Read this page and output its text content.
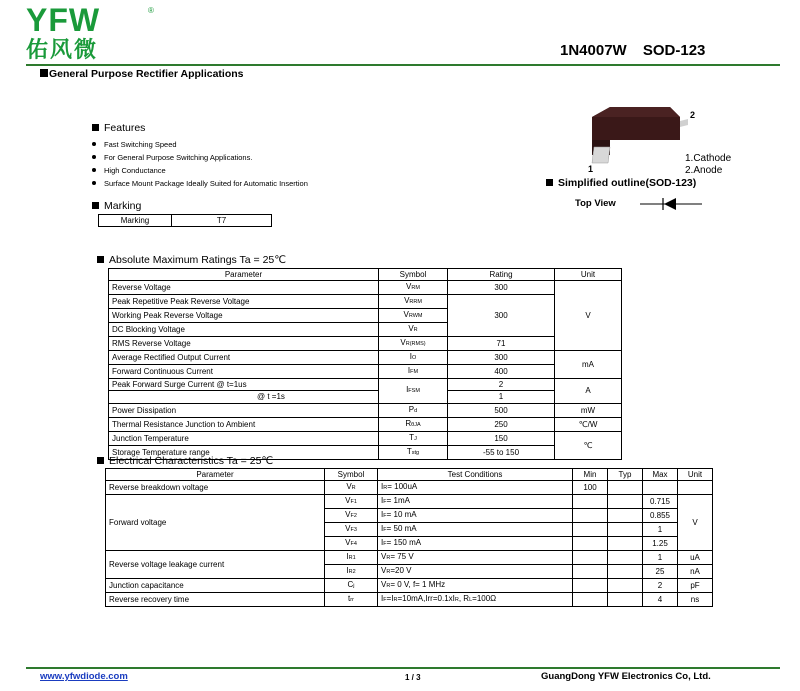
YFW	®
佑风微	1N4007W SOD-123
General Purpose Rectifier Applications
Features
Fast Switching Speed
For General Purpose Switching Applications.
High Conductance
Surface Mount Package Ideally Suited for Automatic Insertion
Marking
Marking	T7
2
1
1.Cathode
2.Anode
Simplified outline(SOD-123)
Top View
Absolute Maximum Ratings Ta = 25℃
Parameter	Symbol	Rating	Unit
Reverse Voltage	VRM	300	V
Peak Repetitive Peak Reverse Voltage	VRRM	300	
Working Peak Reverse Voltage	VRWM		
DC Blocking Voltage	VR		
RMS Reverse Voltage	VR(RMS)	71	
Average Rectified Output Current	IO	300	mA
Forward Continuous Current	IFM	400	
Peak Forward Surge Current @ t=1us	IFSM	2	A
@ t =1s		1	
Power Dissipation	Pd	500	mW
Thermal Resistance Junction to Ambient	RθJA	250	℃/W
Junction Temperature	TJ	150	℃
Storage Temperature range	Tstg	-55 to 150	
Electrical Characteristics Ta = 25℃
Parameter	Symbol	Test Conditions	Min	Typ	Max	Unit
Reverse breakdown voltage	VR	IR= 100uA	100			
Forward voltage	VF1	IF= 1mA			0.715	V
	VF2	IF= 10 mA			0.855	
	VF3	IF= 50 mA			1	
	VF4	IF= 150 mA			1.25	
Reverse voltage leakage current	IR1	VR= 75 V			1	uA
	IR2	VR=20 V			25	nA
Junction capacitance	Cj	VR= 0 V, f= 1 MHz			2	pF
Reverse recovery time	trr	IF=IR=10mA,Irr=0.1xIR, RL=100Ω			4	ns
www.yfwdiode.com	1 / 3	GuangDong YFW Electronics Co, Ltd.
